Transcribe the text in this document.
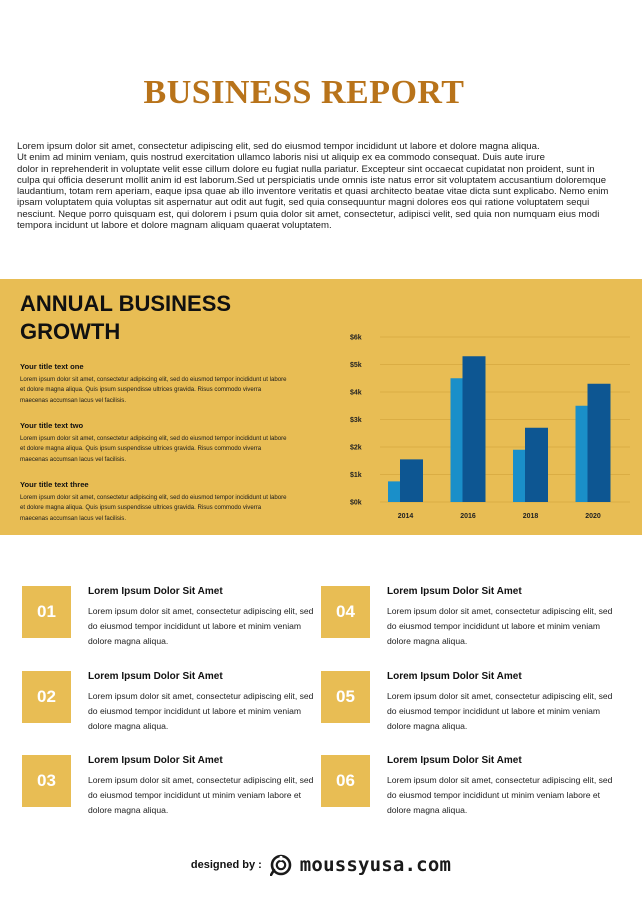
BUSINESS REPORT

Lorem ipsum dolor sit amet, consectetur adipiscing elit, sed do eiusmod tempor incididunt ut labore et dolore magna aliqua.

Ut enim ad minim veniam, quis nostrud exercitation ullamco laboris nisi ut aliquip ex ea commodo consequat. Duis aute irure

dolor in reprehenderit in voluptate velit esse cillum dolore eu fugiat nulla pariatur. Excepteur sint occaecat cupidatat non proident, sunt in culpa qui officia deserunt mollit anim id est laborum.Sed ut perspiciatis unde omnis iste natus error sit voluptatem accusantium doloremque laudantium, totam rem aperiam, eaque ipsa quae ab illo inventore veritatis et quasi architecto beatae vitae dicta sunt explicabo. Nemo enim ipsam voluptatem quia voluptas sit aspernatur aut odit aut fugit, sed quia consequuntur magni dolores eos qui ratione voluptatem sequi nesciunt. Neque porro quisquam est, qui dolorem i psum quia dolor sit amet, consectetur, adipisci velit, sed quia non numquam eius modi tempora incidunt ut labore et dolore magnam aliquam quaerat voluptatem.

ANNUAL BUSINESS GROWTH
Your title text one
Lorem ipsum dolor sit amet, consectetur adipiscing elit, sed do eiusmod tempor incididunt ut labore et dolore magna aliqua. Quis ipsum suspendisse ultrices gravida. Risus commodo viverra maecenas accumsan lacus vel facilisis.
Your title text two
Lorem ipsum dolor sit amet, consectetur adipiscing elit, sed do eiusmod tempor incididunt ut labore et dolore magna aliqua. Quis ipsum suspendisse ultrices gravida. Risus commodo viverra maecenas accumsan lacus vel facilisis.
Your title text three
Lorem ipsum dolor sit amet, consectetur adipiscing elit, sed do eiusmod tempor incididunt ut labore et dolore magna aliqua. Quis ipsum suspendisse ultrices gravida. Risus commodo viverra maecenas accumsan lacus vel facilisis.
$0k
$1k
$2k
$3k
$4k
$5k
$6k
2014	2016	2018	2020
01
Lorem Ipsum Dolor Sit Amet
Lorem ipsum dolor sit amet, consectetur adipiscing elit, sed do eiusmod tempor incididunt ut labore et minim veniam dolore magna aliqua.
02
Lorem Ipsum Dolor Sit Amet
Lorem ipsum dolor sit amet, consectetur adipiscing elit, sed do eiusmod tempor incididunt ut labore et minim veniam dolore magna aliqua.
03
Lorem Ipsum Dolor Sit Amet
Lorem ipsum dolor sit amet, consectetur adipiscing elit, sed do eiusmod tempor incididunt ut minim veniam labore et dolore magna aliqua.
04
Lorem Ipsum Dolor Sit Amet
Lorem ipsum dolor sit amet, consectetur adipiscing elit, sed do eiusmod tempor incididunt ut labore et minim veniam dolore magna aliqua.
05
Lorem Ipsum Dolor Sit Amet
Lorem ipsum dolor sit amet, consectetur adipiscing elit, sed do eiusmod tempor incididunt ut labore et minim veniam dolore magna aliqua.
06
Lorem Ipsum Dolor Sit Amet
Lorem ipsum dolor sit amet, consectetur adipiscing elit, sed do eiusmod tempor incididunt ut minim veniam labore et dolore magna aliqua.
designed by : moussyusa.com
